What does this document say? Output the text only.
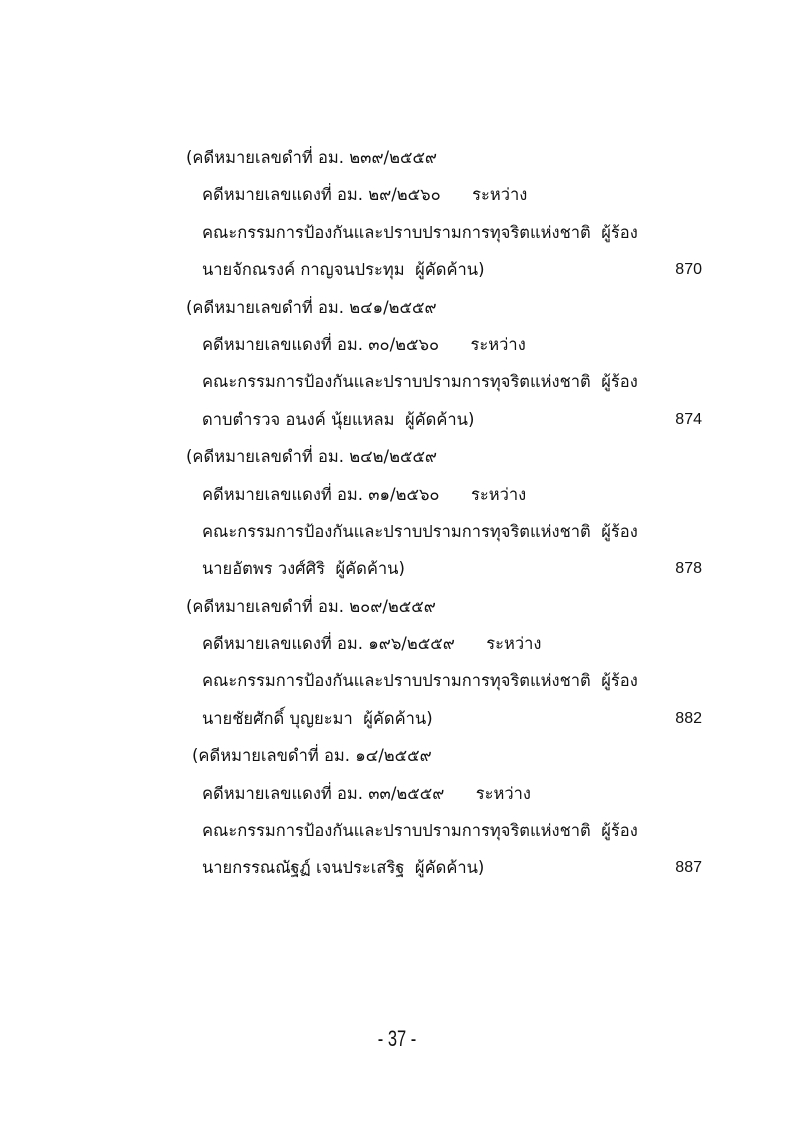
(คดีหมายเลขดำที่ อม. ๒๓๙/๒๕๕๙
คดีหมายเลขแดงที่ อม. ๒๙/๒๕๖๐      ระหว่าง
คณะกรรมการป้องกันและปราบปรามการทุจริตแห่งชาติ  ผู้ร้อง
นายจักณรงค์ กาญจนประทุม  ผู้คัดค้าน)	870
(คดีหมายเลขดำที่ อม. ๒๔๑/๒๕๕๙
คดีหมายเลขแดงที่ อม. ๓๐/๒๕๖๐      ระหว่าง
คณะกรรมการป้องกันและปราบปรามการทุจริตแห่งชาติ  ผู้ร้อง
ดาบตำรวจ อนงค์ นุ้ยแหลม  ผู้คัดค้าน)	874
(คดีหมายเลขดำที่ อม. ๒๔๒/๒๕๕๙
คดีหมายเลขแดงที่ อม. ๓๑/๒๕๖๐      ระหว่าง
คณะกรรมการป้องกันและปราบปรามการทุจริตแห่งชาติ  ผู้ร้อง
นายอัตพร วงศ์ศิริ  ผู้คัดค้าน)	878
(คดีหมายเลขดำที่ อม. ๒๐๙/๒๕๕๙
คดีหมายเลขแดงที่ อม. ๑๙๖/๒๕๕๙      ระหว่าง
คณะกรรมการป้องกันและปราบปรามการทุจริตแห่งชาติ  ผู้ร้อง
นายชัยศักดิ์ บุญยะมา  ผู้คัดค้าน)	882
(คดีหมายเลขดำที่ อม. ๑๔/๒๕๕๙
คดีหมายเลขแดงที่ อม. ๓๓/๒๕๕๙      ระหว่าง
คณะกรรมการป้องกันและปราบปรามการทุจริตแห่งชาติ  ผู้ร้อง
นายกรรณณัฐฏ์ เจนประเสริฐ  ผู้คัดค้าน)	887
- 37 -
